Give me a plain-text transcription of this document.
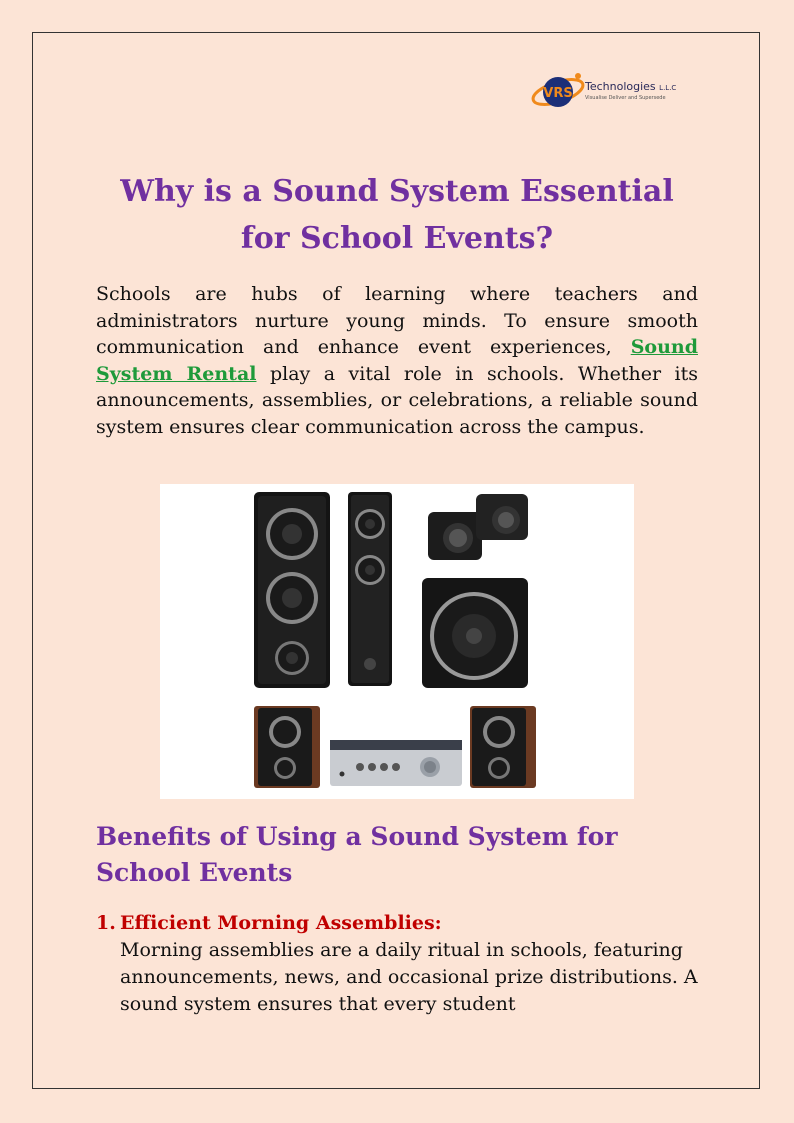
VRS Technologies L.L.C
Visualise Deliver and Supersede
Why is a Sound System Essential for School Events?

Schools are hubs of learning where teachers and administrators nurture young minds. To ensure smooth communication and enhance event experiences, Sound System Rental play a vital role in schools. Whether its announcements, assemblies, or celebrations, a reliable sound system ensures clear communication across the campus.

Benefits of Using a Sound System for School Events
1. Efficient Morning Assemblies:
Morning assemblies are a daily ritual in schools, featuring announcements, news, and occasional prize distributions. A sound system ensures that every student
